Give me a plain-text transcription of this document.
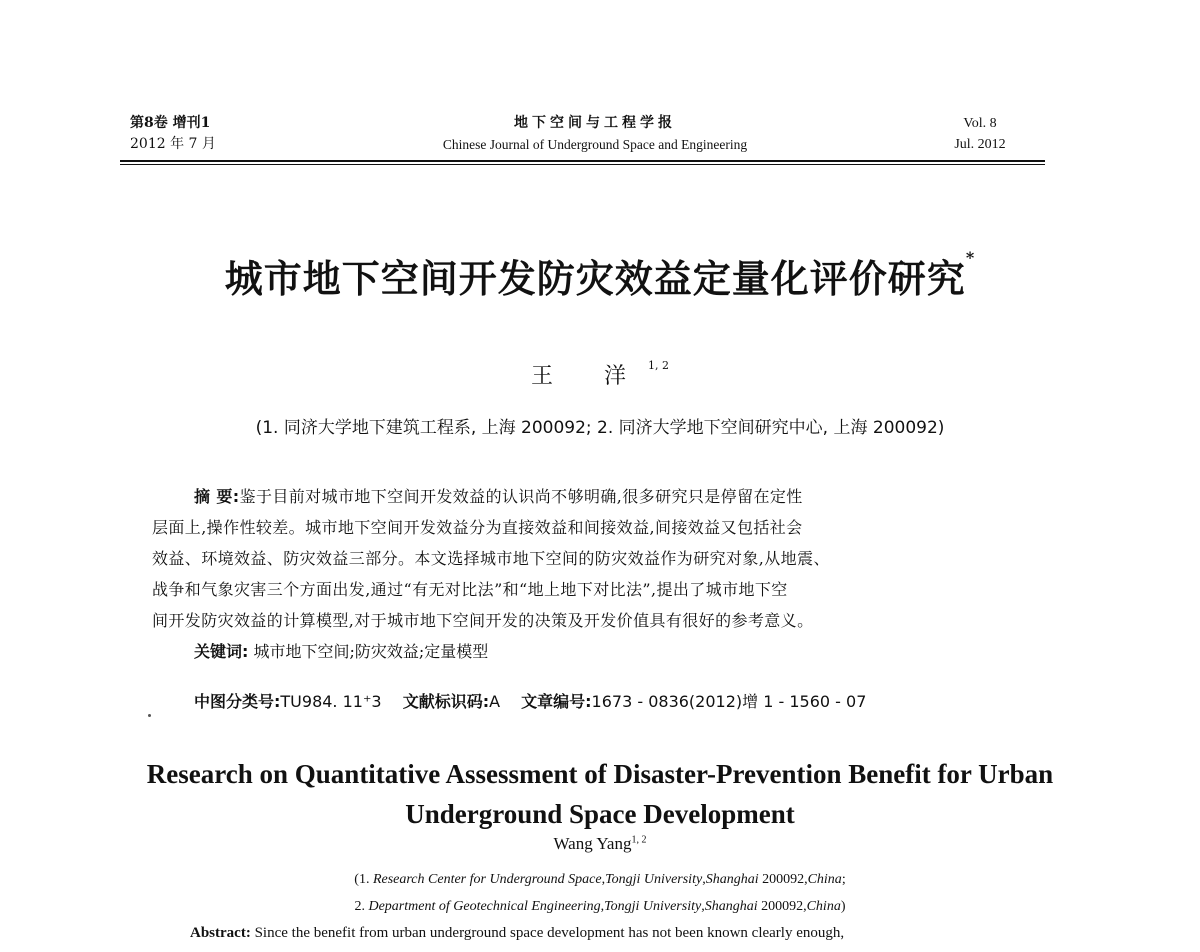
第8卷 增刊1
2012 年 7 月
地下空间与工程学报
Chinese Journal of Underground Space and Engineering
Vol. 8
Jul. 2012
城市地下空间开发防灾效益定量化评价研究*
王 洋$^{1, 2}$
(1. 同济大学地下建筑工程系, 上海 200092; 2. 同济大学地下空间研究中心, 上海 200092)
摘 要:鉴于目前对城市地下空间开发效益的认识尚不够明确,很多研究只是停留在定性
层面上,操作性较差。城市地下空间开发效益分为直接效益和间接效益,间接效益又包括社会
效益、环境效益、防灾效益三部分。本文选择城市地下空间的防灾效益作为研究对象,从地震、
战争和气象灾害三个方面出发,通过“有无对比法”和“地上地下对比法”,提出了城市地下空
间开发防灾效益的计算模型,对于城市地下空间开发的决策及开发价值具有很好的参考意义。
关键词: 城市地下空间;防灾效益;定量模型
中图分类号:TU984. 11⁺3 文献标识码:A 文章编号:1673 - 0836(2012)增 1 - 1560 - 07
Research on Quantitative Assessment of Disaster-Prevention Benefit for Urban
Underground Space Development
Wang Yang$^{1, 2}$
(1. Research Center for Underground Space,Tongji University,Shanghai 200092,China;
2. Department of Geotechnical Engineering,Tongji University,Shanghai 200092,China)
Abstract: Since the benefit from urban underground space development has not been known clearly enough,
